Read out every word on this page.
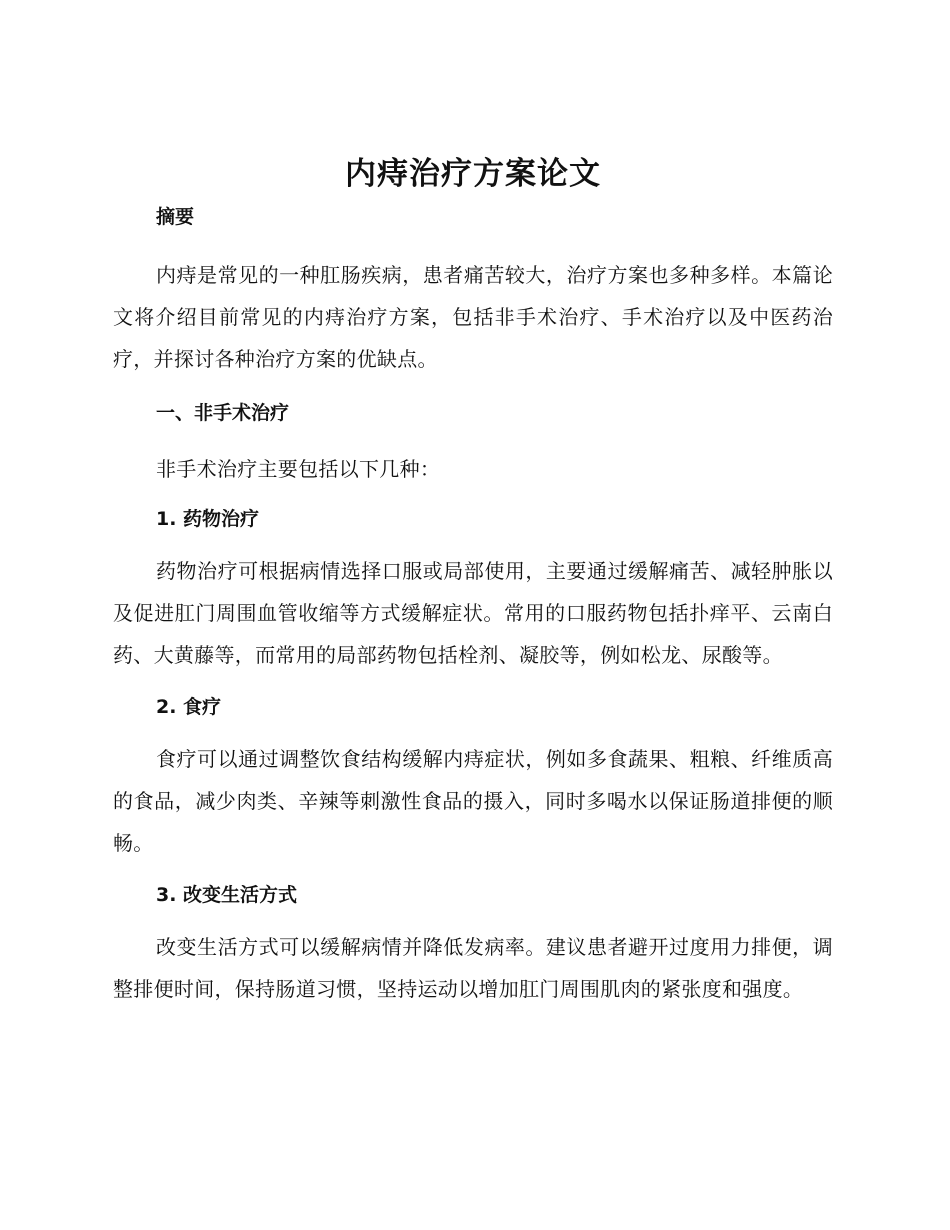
内痔治疗方案论文
摘要

内痔是常见的一种肛肠疾病，患者痛苦较大，治疗方案也多种多样。本篇论文将介绍目前常见的内痔治疗方案，包括非手术治疗、手术治疗以及中医药治疗，并探讨各种治疗方案的优缺点。

一、非手术治疗

非手术治疗主要包括以下几种：

1. 药物治疗

药物治疗可根据病情选择口服或局部使用，主要通过缓解痛苦、减轻肿胀以及促进肛门周围血管收缩等方式缓解症状。常用的口服药物包括扑痒平、云南白药、大黄藤等，而常用的局部药物包括栓剂、凝胶等，例如松龙、尿酸等。

2. 食疗

食疗可以通过调整饮食结构缓解内痔症状，例如多食蔬果、粗粮、纤维质高的食品，减少肉类、辛辣等刺激性食品的摄入，同时多喝水以保证肠道排便的顺畅。

3. 改变生活方式

改变生活方式可以缓解病情并降低发病率。建议患者避开过度用力排便，调整排便时间，保持肠道习惯，坚持运动以增加肛门周围肌肉的紧张度和强度。
